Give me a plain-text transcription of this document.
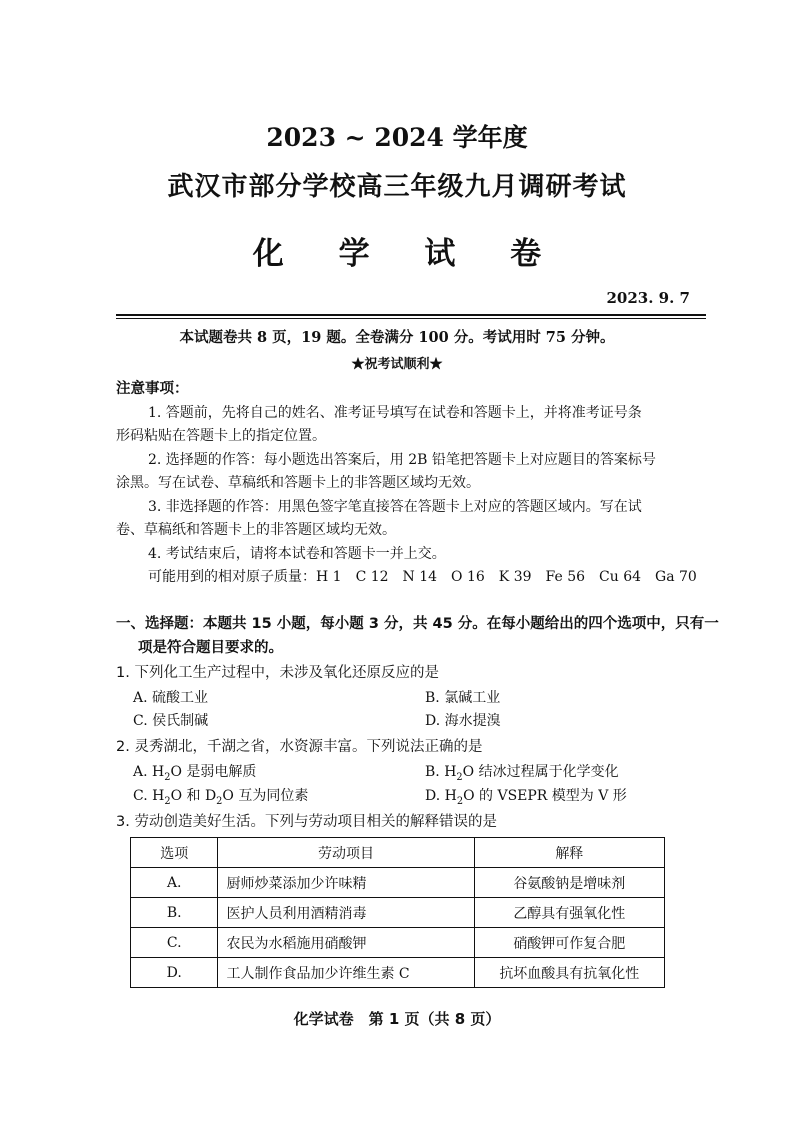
2023 ~ 2024 学年度
武汉市部分学校高三年级九月调研考试
化 学 试 卷
2023. 9. 7
本试题卷共 8 页，19 题。全卷满分 100 分。考试用时 75 分钟。
★祝考试顺利★
注意事项：
1. 答题前，先将自己的姓名、准考证号填写在试卷和答题卡上，并将准考证号条
形码粘贴在答题卡上的指定位置。
2. 选择题的作答：每小题选出答案后，用 2B 铅笔把答题卡上对应题目的答案标号
涂黑。写在试卷、草稿纸和答题卡上的非答题区域均无效。
3. 非选择题的作答：用黑色签字笔直接答在答题卡上对应的答题区域内。写在试
卷、草稿纸和答题卡上的非答题区域均无效。
4. 考试结束后，请将本试卷和答题卡一并上交。
可能用到的相对原子质量：H 1　C 12　N 14　O 16　K 39　Fe 56　Cu 64　Ga 70
一、选择题：本题共 15 小题，每小题 3 分，共 45 分。在每小题给出的四个选项中，只有一
项是符合题目要求的。
1. 下列化工生产过程中，未涉及氧化还原反应的是
A. 硫酸工业	B. 氯碱工业
C. 侯氏制碱	D. 海水提溴
2. 灵秀湖北，千湖之省，水资源丰富。下列说法正确的是
A. $H_2O$ 是弱电解质	B. $H_2O$ 结冰过程属于化学变化
C. $H_2O$ 和 $D_2O$ 互为同位素	D. $H_2O$ 的 VSEPR 模型为 V 形
3. 劳动创造美好生活。下列与劳动项目相关的解释错误的是
选项	劳动项目	解释
A.	厨师炒菜添加少许味精	谷氨酸钠是增味剂
B.	医护人员利用酒精消毒	乙醇具有强氧化性
C.	农民为水稻施用硝酸钾	硝酸钾可作复合肥
D.	工人制作食品加少许维生素 C	抗坏血酸具有抗氧化性
化学试卷　第 1 页（共 8 页）
